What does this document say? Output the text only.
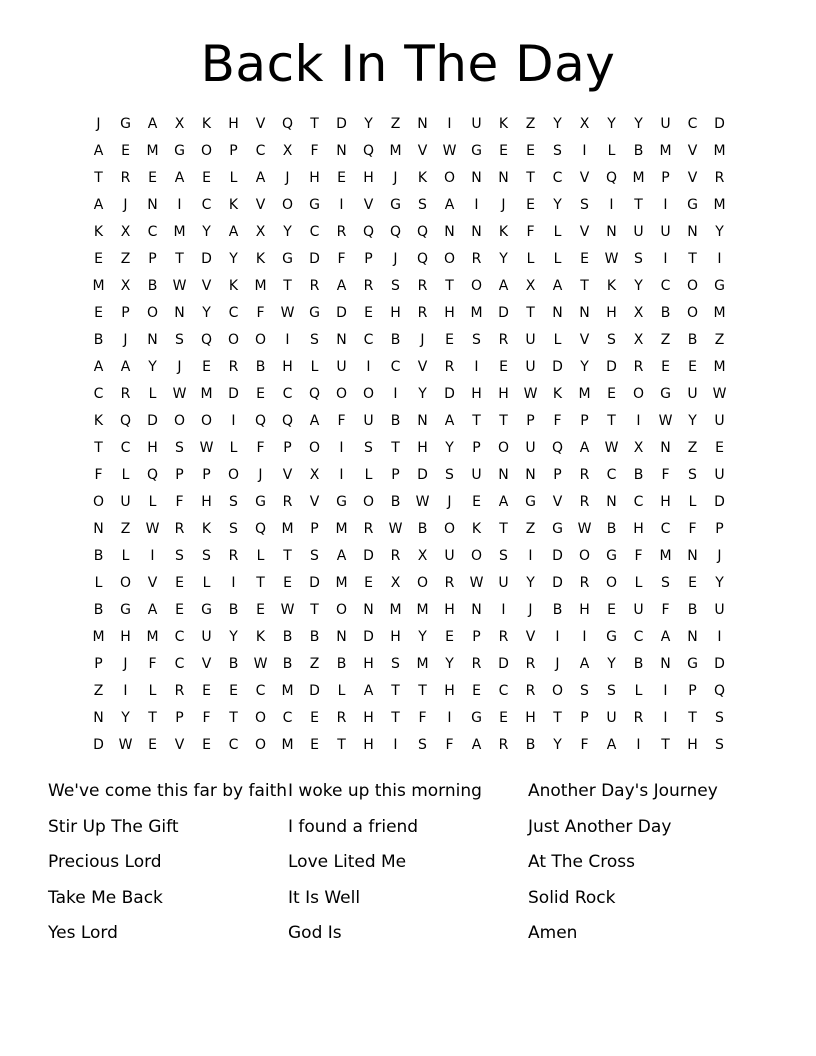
Back In The Day
J	G	A	X	K	H	V	Q	T	D	Y	Z	N	I	U	K	Z	Y	X	Y	Y	U	C	D
A	E	M	G	O	P	C	X	F	N	Q	M	V	W	G	E	E	S	I	L	B	M	V	M
T	R	E	A	E	L	A	J	H	E	H	J	K	O	N	N	T	C	V	Q	M	P	V	R
A	J	N	I	C	K	V	O	G	I	V	G	S	A	I	J	E	Y	S	I	T	I	G	M
K	X	C	M	Y	A	X	Y	C	R	Q	Q	Q	N	N	K	F	L	V	N	U	U	N	Y
E	Z	P	T	D	Y	K	G	D	F	P	J	Q	O	R	Y	L	L	E	W	S	I	T	I
M	X	B	W	V	K	M	T	R	A	R	S	R	T	O	A	X	A	T	K	Y	C	O	G
E	P	O	N	Y	C	F	W	G	D	E	H	R	H	M	D	T	N	N	H	X	B	O	M
B	J	N	S	Q	O	O	I	S	N	C	B	J	E	S	R	U	L	V	S	X	Z	B	Z
A	A	Y	J	E	R	B	H	L	U	I	C	V	R	I	E	U	D	Y	D	R	E	E	M
C	R	L	W	M	D	E	C	Q	O	O	I	Y	D	H	H	W	K	M	E	O	G	U	W
K	Q	D	O	O	I	Q	Q	A	F	U	B	N	A	T	T	P	F	P	T	I	W	Y	U
T	C	H	S	W	L	F	P	O	I	S	T	H	Y	P	O	U	Q	A	W	X	N	Z	E
F	L	Q	P	P	O	J	V	X	I	L	P	D	S	U	N	N	P	R	C	B	F	S	U
O	U	L	F	H	S	G	R	V	G	O	B	W	J	E	A	G	V	R	N	C	H	L	D
N	Z	W	R	K	S	Q	M	P	M	R	W	B	O	K	T	Z	G	W	B	H	C	F	P
B	L	I	S	S	R	L	T	S	A	D	R	X	U	O	S	I	D	O	G	F	M	N	J
L	O	V	E	L	I	T	E	D	M	E	X	O	R	W	U	Y	D	R	O	L	S	E	Y
B	G	A	E	G	B	E	W	T	O	N	M	M	H	N	I	J	B	H	E	U	F	B	U
M	H	M	C	U	Y	K	B	B	N	D	H	Y	E	P	R	V	I	I	G	C	A	N	I
P	J	F	C	V	B	W	B	Z	B	H	S	M	Y	R	D	R	J	A	Y	B	N	G	D
Z	I	L	R	E	E	C	M	D	L	A	T	T	H	E	C	R	O	S	S	L	I	P	Q
N	Y	T	P	F	T	O	C	E	R	H	T	F	I	G	E	H	T	P	U	R	I	T	S
D	W	E	V	E	C	O	M	E	T	H	I	S	F	A	R	B	Y	F	A	I	T	H	S
We've come this far by faith
Stir Up The Gift
Precious Lord
Take Me Back
Yes Lord
I woke up this morning
I found a friend
Love Lited Me
It Is Well
God Is
Another Day's Journey
Just Another Day
At The Cross
Solid Rock
Amen
